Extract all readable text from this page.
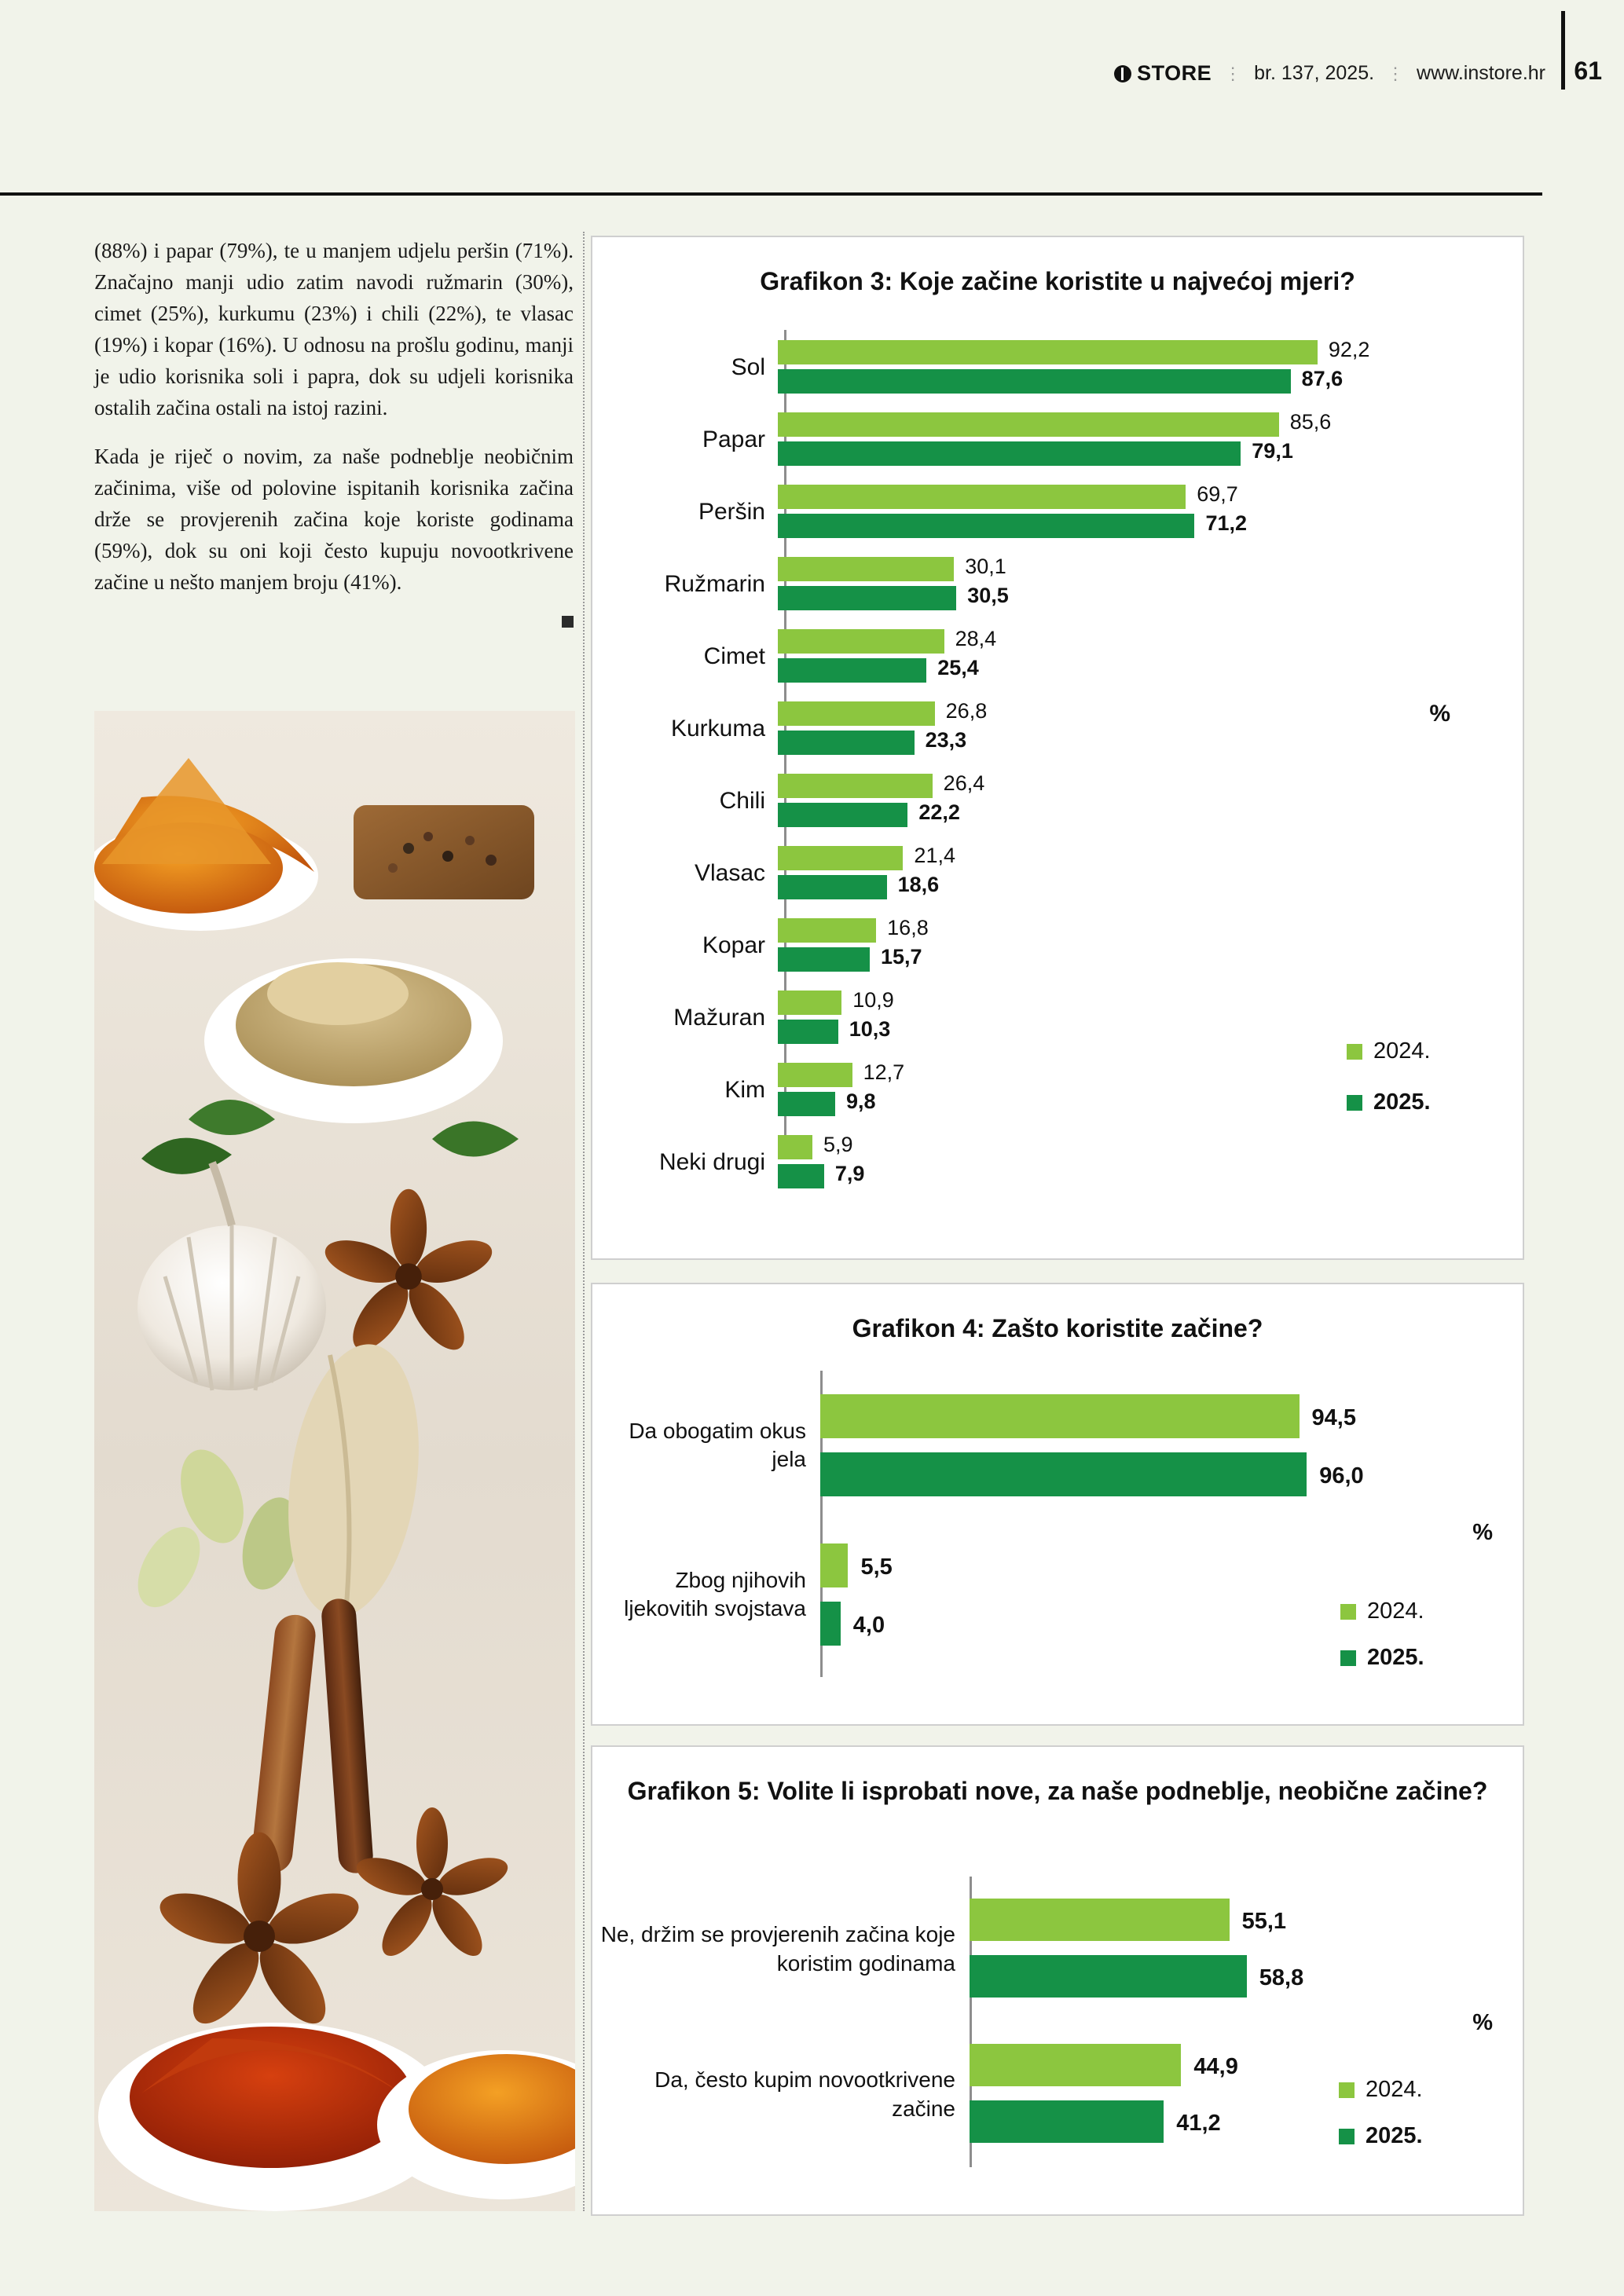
STORE ⋮ br. 137, 2025. ⋮ www.instore.hr 61

(88%) i papar (79%), te u manjem udjelu peršin (71%). Značajno manji udio zatim navodi ružmarin (30%), cimet (25%), kurkumu (23%) i chili (22%), te vlasac (19%) i kopar (16%). U odnosu na prošlu godinu, manji je udio korisnika soli i papra, dok su udjeli korisnika ostalih začina ostali na istoj razini.

Kada je riječ o novim, za naše podneblje neobičnim začinima, više od polovine ispitanih korisnika začina drže se provjerenih začina koje koriste godinama (59%), dok su oni koji često kupuju novootkrivene začine u nešto manjem broju (41%).

Grafikon 3: Koje začine koristite u najvećoj mjeri?
Sol
92,2
87,6
Papar
85,6
79,1
Peršin
69,7
71,2
Ružmarin
30,1
30,5
Cimet
28,4
25,4
Kurkuma
26,8
23,3
Chili
26,4
22,2
Vlasac
21,4
18,6
Kopar
16,8
15,7
Mažuran
10,9
10,3
Kim
12,7
9,8
Neki drugi
5,9
7,9
%
2024.
2025.
Grafikon 4: Zašto koristite začine?
Da obogatim okus jela
94,5
96,0
Zbog njihovih ljekovitih svojstava
5,5
4,0
%
2024.
2025.
Grafikon 5: Volite li isprobati nove, za naše podneblje, neobične začine?
Ne, držim se provjerenih začina koje koristim godinama
55,1
58,8
Da, često kupim novootkrivene začine
44,9
41,2
%
2024.
2025.
